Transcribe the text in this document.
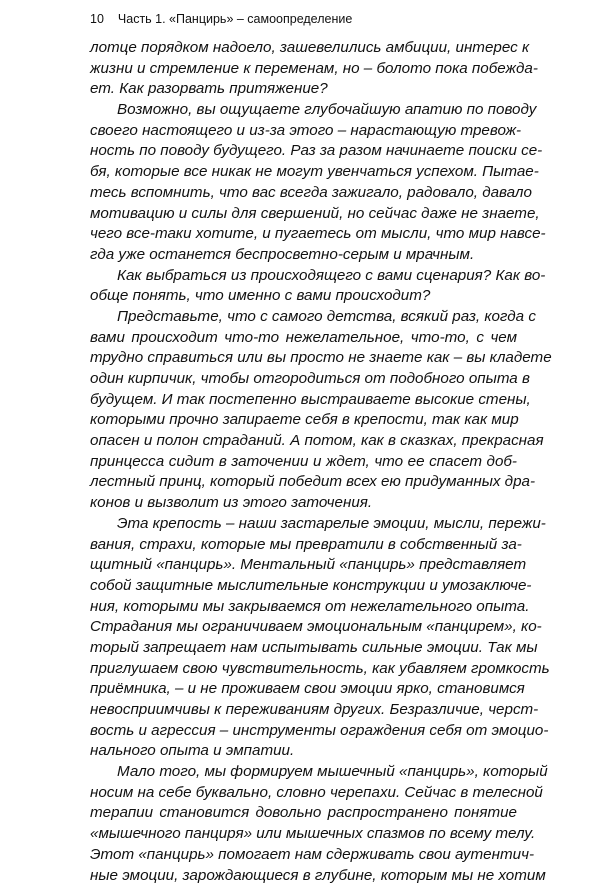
10 Часть 1. «Панцирь» – самоопределение
лотце порядком надоело, зашевелились амбиции, интерес к
жизни и стремление к переменам, но – болото пока побежда-
ет. Как разорвать притяжение?
Возможно, вы ощущаете глубочайшую апатию по поводу
своего настоящего и из-за этого – нарастающую тревож-
ность по поводу будущего. Раз за разом начинаете поиски се-
бя, которые все никак не могут увенчаться успехом. Пытае-
тесь вспомнить, что вас всегда зажигало, радовало, давало
мотивацию и силы для свершений, но сейчас даже не знаете,
чего все-таки хотите, и пугаетесь от мысли, что мир навсе-
гда уже останется беспросветно-серым и мрачным.
Как выбраться из происходящего с вами сценария? Как во-
обще понять, что именно с вами происходит?
Представьте, что с самого детства, всякий раз, когда с
вами происходит что-то нежелательное, что-то, с чем
трудно справиться или вы просто не знаете как – вы кладете
один кирпичик, чтобы отгородиться от подобного опыта в
будущем. И так постепенно выстраиваете высокие стены,
которыми прочно запираете себя в крепости, так как мир
опасен и полон страданий. А потом, как в сказках, прекрасная
принцесса сидит в заточении и ждет, что ее спасет доб-
лестный принц, который победит всех ею придуманных дра-
конов и вызволит из этого заточения.
Эта крепость – наши застарелые эмоции, мысли, пережи-
вания, страхи, которые мы превратили в собственный за-
щитный «панцирь». Ментальный «панцирь» представляет
собой защитные мыслительные конструкции и умозаключе-
ния, которыми мы закрываемся от нежелательного опыта.
Страдания мы ограничиваем эмоциональным «панцирем», ко-
торый запрещает нам испытывать сильные эмоции. Так мы
приглушаем свою чувствительность, как убавляем громкость
приёмника, – и не проживаем свои эмоции ярко, становимся
невосприимчивы к переживаниям других. Безразличие, черст-
вость и агрессия – инструменты ограждения себя от эмоцио-
нального опыта и эмпатии.
Мало того, мы формируем мышечный «панцирь», который
носим на себе буквально, словно черепахи. Сейчас в телесной
терапии становится довольно распространено понятие
«мышечного панциря» или мышечных спазмов по всему телу.
Этот «панцирь» помогает нам сдерживать свои аутентич-
ные эмоции, зарождающиеся в глубине, которым мы не хотим
